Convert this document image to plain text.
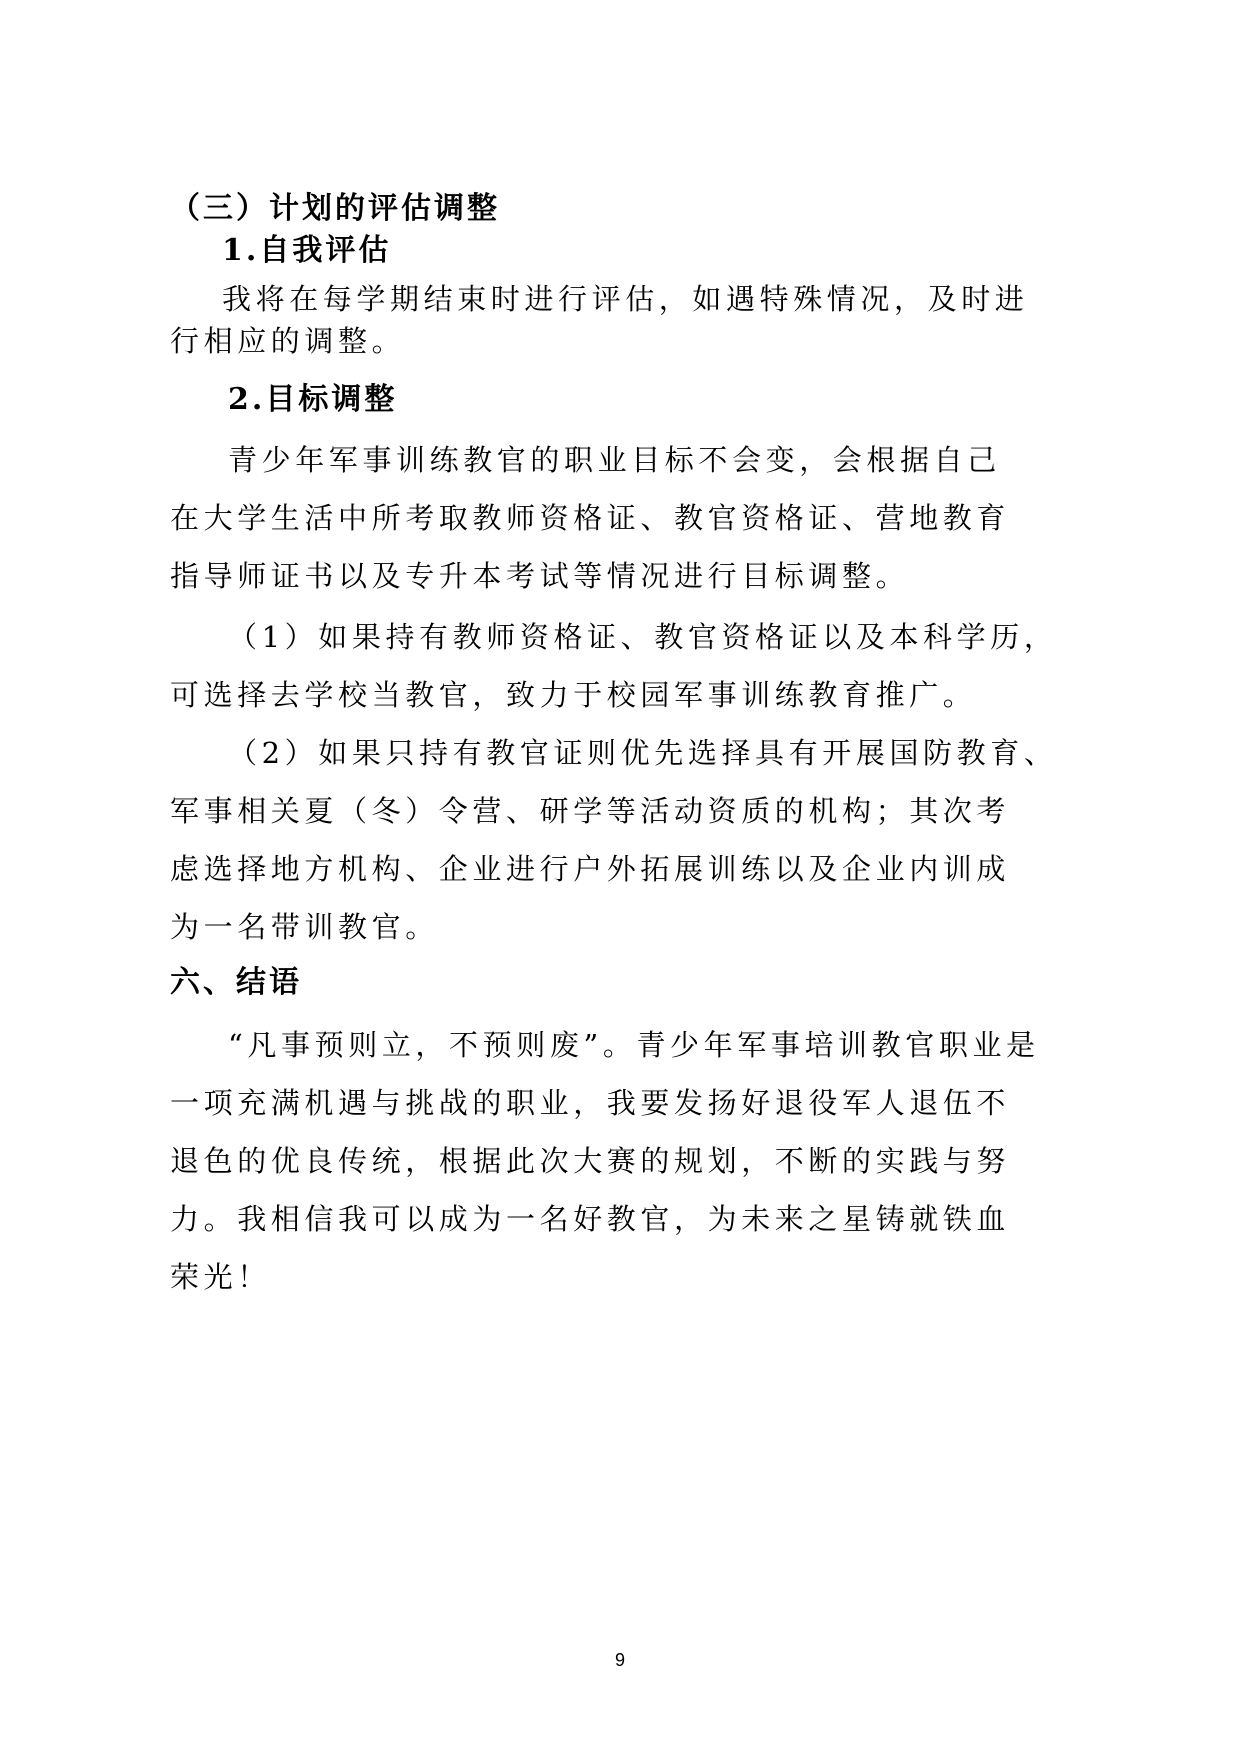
（三）计划的评估调整
1.自我评估
我将在每学期结束时进行评估，如遇特殊情况，及时进
行相应的调整。
2.目标调整
青少年军事训练教官的职业目标不会变，会根据自己
在大学生活中所考取教师资格证、教官资格证、营地教育
指导师证书以及专升本考试等情况进行目标调整。
（1）如果持有教师资格证、教官资格证以及本科学历，
可选择去学校当教官，致力于校园军事训练教育推广。
（2）如果只持有教官证则优先选择具有开展国防教育、
军事相关夏（冬）令营、研学等活动资质的机构；其次考
虑选择地方机构、企业进行户外拓展训练以及企业内训成
为一名带训教官。
六、结语
“凡事预则立，不预则废”。青少年军事培训教官职业是
一项充满机遇与挑战的职业，我要发扬好退役军人退伍不
退色的优良传统，根据此次大赛的规划，不断的实践与努
力。我相信我可以成为一名好教官，为未来之星铸就铁血
荣光！
9
